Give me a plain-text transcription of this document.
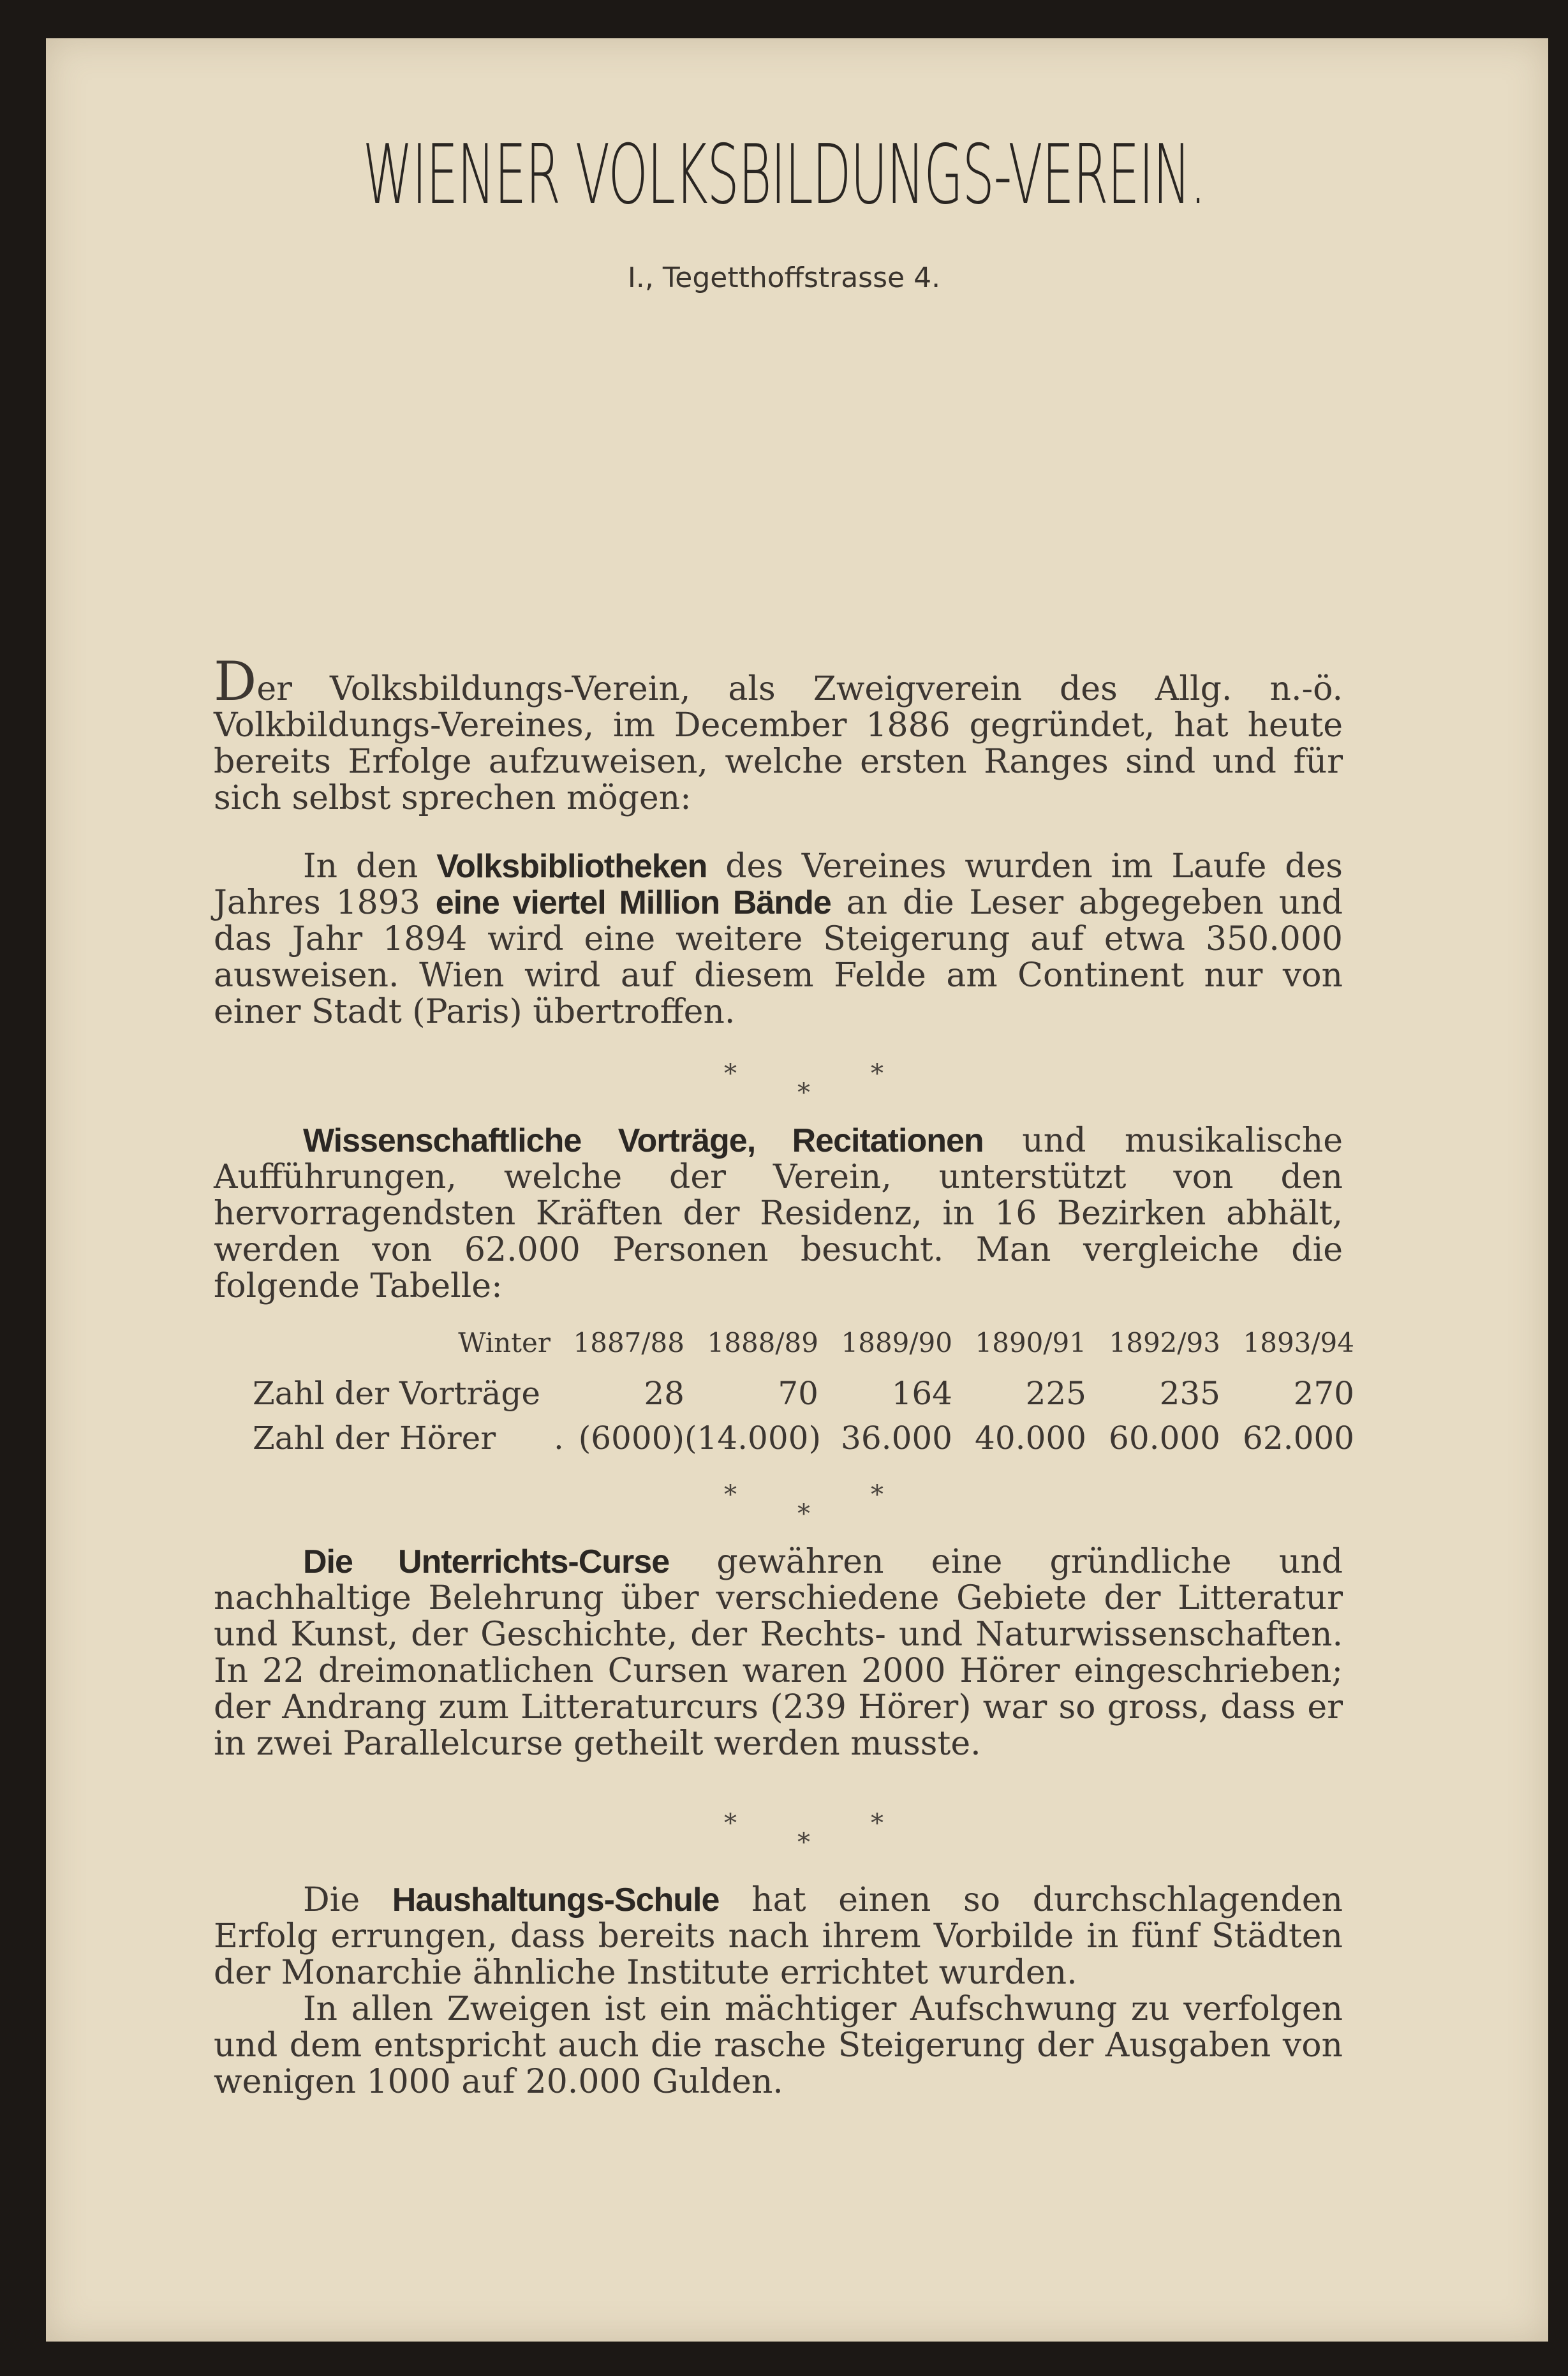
WIENER VOLKSBILDUNGS-VEREIN.
I., Tegetthoffstrasse 4.

Der Volksbildungs-Verein, als Zweigverein des Allg. n.-ö. Volkbildungs-Vereines, im December 1886 gegründet, hat heute bereits Erfolge aufzuweisen, welche ersten Ranges sind und für sich selbst sprechen mögen:

In den Volksbibliotheken des Vereines wurden im Laufe des Jahres 1893 eine viertel Million Bände an die Leser abgegeben und das Jahr 1894 wird eine weitere Steigerung auf etwa 350.000 ausweisen. Wien wird auf diesem Felde am Continent nur von einer Stadt (Paris) übertroffen.

*
*
*

Wissenschaftliche Vorträge, Recitationen und musikalische Aufführungen, welche der Verein, unterstützt von den hervorragendsten Kräften der Residenz, in 16 Bezirken abhält, werden von 62.000 Personen besucht. Man vergleiche die folgende Tabelle:

Winter 1887/88 1888/89 1889/90 1890/91 1892/93 1893/94
Zahl der Vorträge	28	70	164	225	235	270
Zahl der Hörer . (6000) (14.000) 36.000 40.000 60.000 62.000
*
*
*

Die Unterrichts-Curse gewähren eine gründliche und nachhaltige Belehrung über verschiedene Gebiete der Litteratur und Kunst, der Geschichte, der Rechts- und Naturwissenschaften. In 22 dreimonatlichen Cursen waren 2000 Hörer eingeschrieben; der Andrang zum Litteraturcurs (239 Hörer) war so gross, dass er in zwei Parallelcurse getheilt werden musste.

*
*
*

Die Haushaltungs-Schule hat einen so durchschlagenden Erfolg errungen, dass bereits nach ihrem Vorbilde in fünf Städten der Monarchie ähnliche Institute errichtet wurden.

In allen Zweigen ist ein mächtiger Aufschwung zu verfolgen und dem entspricht auch die rasche Steigerung der Ausgaben von wenigen 1000 auf 20.000 Gulden.
